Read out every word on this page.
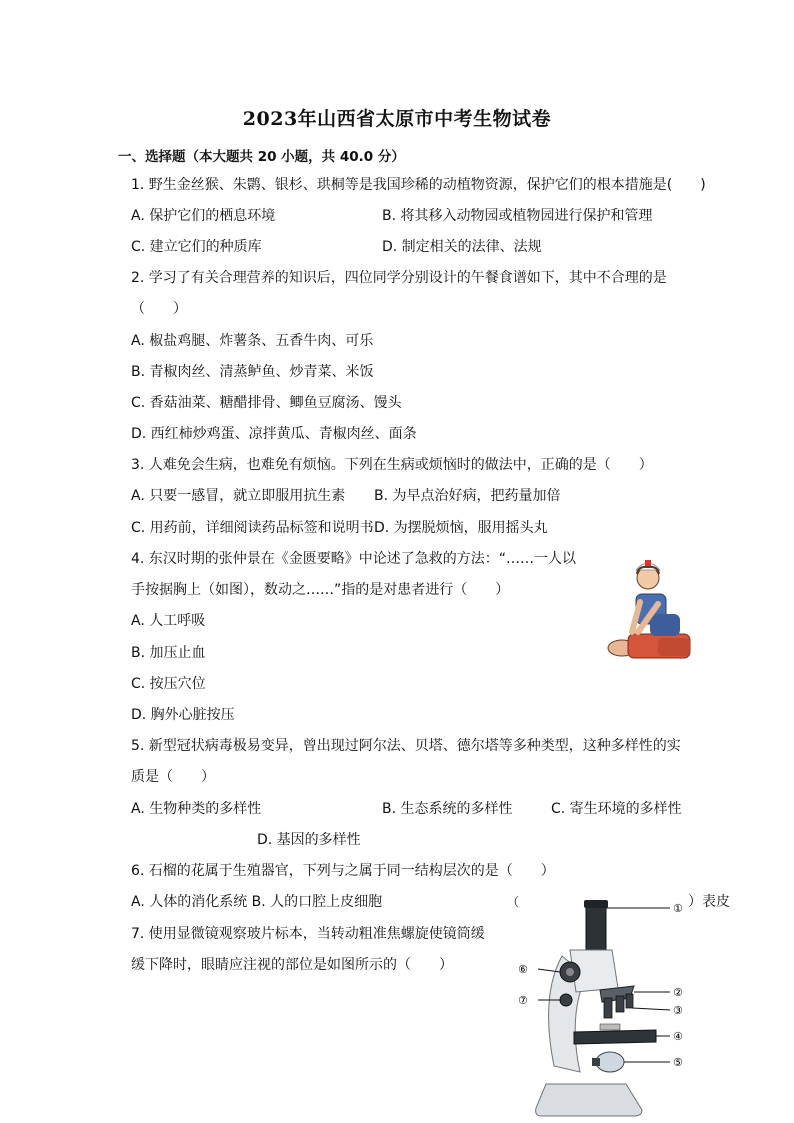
2023年山西省太原市中考生物试卷
一、选择题（本大题共 20 小题，共 40.0 分）
1. 野生金丝猴、朱鹮、银杉、珙桐等是我国珍稀的动植物资源，保护它们的根本措施是(　　)
A. 保护它们的栖息环境	B. 将其移入动物园或植物园进行保护和管理
C. 建立它们的种质库	D. 制定相关的法律、法规
2. 学习了有关合理营养的知识后，四位同学分别设计的午餐食谱如下，其中不合理的是
（　　）
A. 椒盐鸡腿、炸薯条、五香牛肉、可乐
B. 青椒肉丝、清蒸鲈鱼、炒青菜、米饭
C. 香菇油菜、糖醋排骨、鲫鱼豆腐汤、馒头
D. 西红柿炒鸡蛋、凉拌黄瓜、青椒肉丝、面条
3. 人难免会生病，也难免有烦恼。下列在生病或烦恼时的做法中，正确的是（　　）
A. 只要一感冒，就立即服用抗生素 B. 为早点治好病，把药量加倍
C. 用药前，详细阅读药品标签和说明书 D. 为摆脱烦恼，服用摇头丸
4. 东汉时期的张仲景在《金匮要略》中论述了急救的方法：“……一人以
手按据胸上（如图），数动之……”指的是对患者进行（　　）
A. 人工呼吸
B. 加压止血
C. 按压穴位
D. 胸外心脏按压
5. 新型冠状病毒极易变异，曾出现过阿尔法、贝塔、德尔塔等多种类型，这种多样性的实
质是（　　）
A. 生物种类的多样性	B. 生态系统的多样性	C. 寄生环境的多样性
D. 基因的多样性
6. 石榴的花属于生殖器官，下列与之属于同一结构层次的是（　　）
A. 人体的消化系统 B. 人的口腔上皮细胞	（	）表皮
7. 使用显微镜观察玻片标本，当转动粗准焦螺旋使镜筒缓
缓下降时，眼睛应注视的部位是如图所示的（　　）
①
②
③
④
⑤
⑥
⑦
